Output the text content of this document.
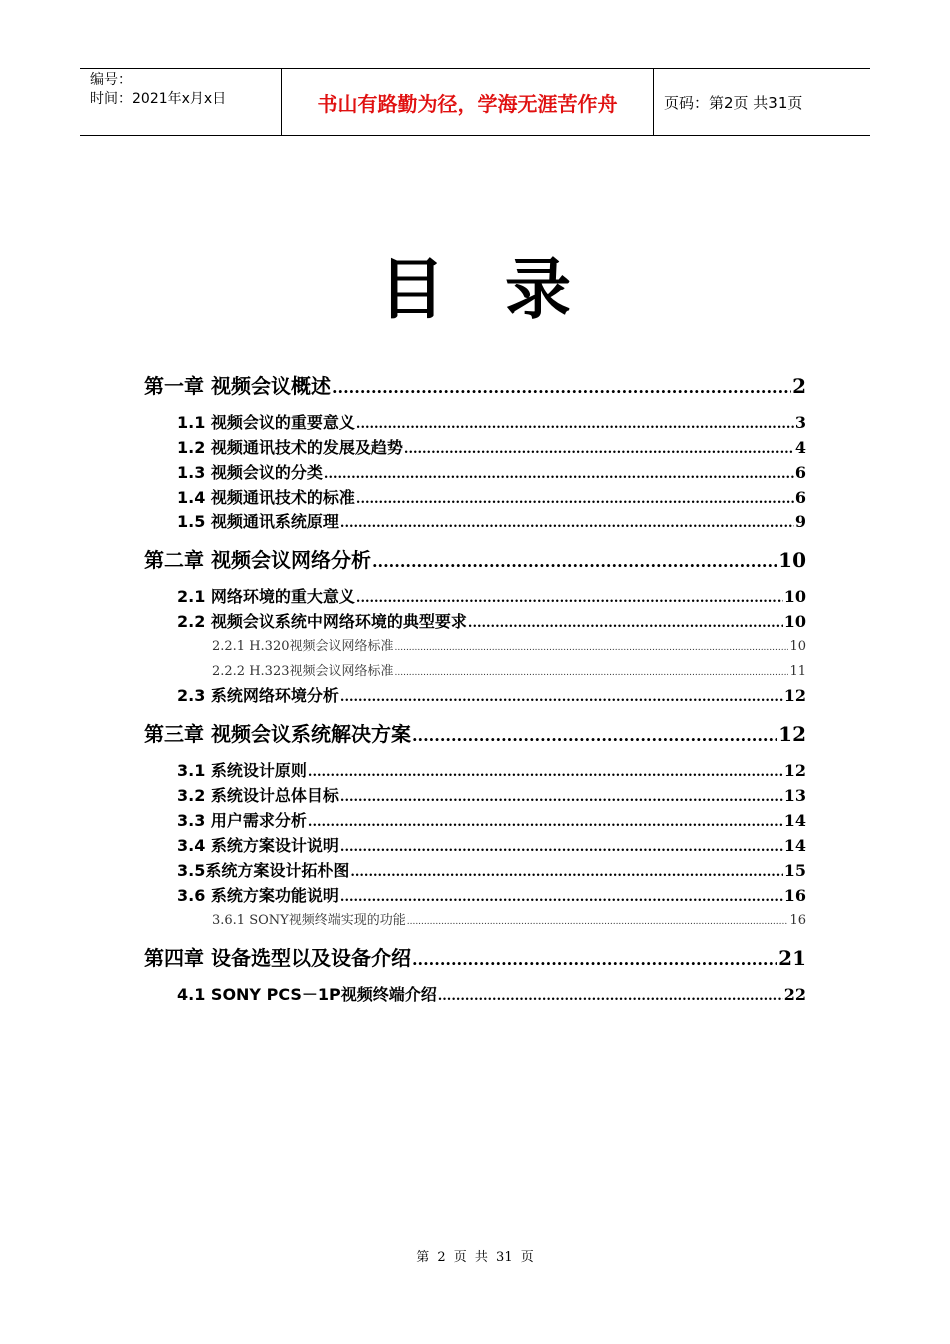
编号：
时间：2021年x月x日	书山有路勤为径，学海无涯苦作舟	页码：第2页 共31页
目录
第一章 视频会议概述 .....	2
1.1 视频会议的重要意义 .....	3
1.2 视频通讯技术的发展及趋势 .....	4
1.3 视频会议的分类 .....	6
1.4 视频通讯技术的标准 .....	6
1.5 视频通讯系统原理 .....	9
第二章 视频会议网络分析 .....	10
2.1 网络环境的重大意义 .....	10
2.2 视频会议系统中网络环境的典型要求 .....	10
2.2.1 H.320视频会议网络标准 .....	10
2.2.2 H.323视频会议网络标准 .....	11
2.3 系统网络环境分析 .....	12
第三章 视频会议系统解决方案 .....	12
3.1 系统设计原则 .....	12
3.2 系统设计总体目标 .....	13
3.3 用户需求分析 .....	14
3.4 系统方案设计说明 .....	14
3.5系统方案设计拓朴图 .....	15
3.6 系统方案功能说明 .....	16
3.6.1 SONY视频终端实现的功能 .....	16
第四章 设备选型以及设备介绍 .....	21
4.1 SONY PCS－1P视频终端介绍 .....	22
第 2 页 共 31 页
